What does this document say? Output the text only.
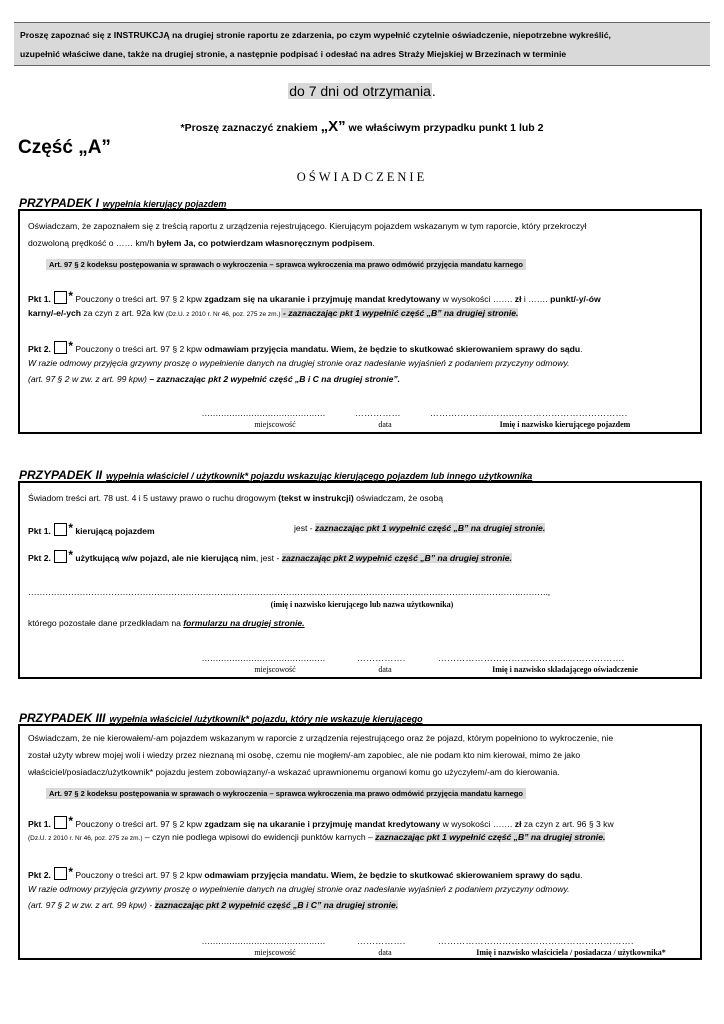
Proszę zapoznać się z INSTRUKCJĄ na drugiej stronie raportu ze zdarzenia, po czym wypełnić czytelnie oświadczenie, niepotrzebne wykreślić,

uzupełnić właściwe dane, także na drugiej stronie, a następnie podpisać i odesłać na adres Straży Miejskiej w Brzezinach w terminie

do 7 dni od otrzymania.
*Proszę zaznaczyć znakiem „X” we właściwym przypadku punkt 1 lub 2
Część „A”
OŚWIADCZENIE
PRZYPADEK I wypełnia kierujący pojazdem
Oświadczam, że zapoznałem się z treścią raportu z urządzenia rejestrującego. Kierującym pojazdem wskazanym w tym raporcie, który przekroczył
dozwoloną prędkość o …… km/h byłem Ja, co potwierdzam własnoręcznym podpisem.
Art. 97 § 2 kodeksu postępowania w sprawach o wykroczenia – sprawca wykroczenia ma prawo odmówić przyjęcia mandatu karnego
Pkt 1. * Pouczony o treści art. 97 § 2 kpw zgadzam się na ukaranie i przyjmuję mandat kredytowany w wysokości ……. zł i ……. punkt/-y/-ów
karny/-e/-ych za czyn z art. 92a kw (Dz.U. z 2010 r. Nr 46, poz. 275 ze zm.) - zaznaczając pkt 1 wypełnić część „B” na drugiej stronie.
Pkt 2. * Pouczony o treści art. 97 § 2 kpw odmawiam przyjęcia mandatu. Wiem, że będzie to skutkować skierowaniem sprawy do sądu.
W razie odmowy przyjęcia grzywny proszę o wypełnienie danych na drugiej stronie oraz nadesłanie wyjaśnień z podaniem przyczyny odmowy.
(art. 97 § 2 w zw. z art. 99 kpw) – zaznaczając pkt 2 wypełnić część „B i C na drugiej stronie”.
.............................................	……………	……….……….……..……………………………….
miejscowość	data	Imię i nazwisko kierującego pojazdem
PRZYPADEK II wypełnia właściciel / użytkownik* pojazdu wskazując kierującego pojazdem lub innego użytkownika
Świadom treści art. 78 ust. 4 i 5 ustawy prawo o ruchu drogowym (tekst w instrukcji) oświadczam, że osobą
Pkt 1. * kierującą pojazdem	jest - zaznaczając pkt 1 wypełnić część „B” na drugiej stronie.
Pkt 2. * użytkującą w/w pojazd, ale nie kierującą nim, jest - zaznaczając pkt 2 wypełnić część „B” na drugiej stronie.
……………………………………………………………………………………………………………………………………………………….……….,
(imię i nazwisko kierującego lub nazwa użytkownika)
którego pozostałe dane przedkładam na formularzu na drugiej stronie.
.............................................	…………….	…………………………………………………….
miejscowość	data	Imię i nazwisko składającego oświadczenie
PRZYPADEK III wypełnia właściciel /użytkownik* pojazdu, który nie wskazuje kierującego
Oświadczam, że nie kierowałem/-am pojazdem wskazanym w raporcie z urządzenia rejestrującego oraz że pojazd, którym popełniono to wykroczenie, nie
został użyty wbrew mojej woli i wiedzy przez nieznaną mi osobę, czemu nie mogłem/-am zapobiec, ale nie podam kto nim kierował, mimo że jako
właściciel/posiadacz/użytkownik* pojazdu jestem zobowiązany/-a wskazać uprawnionemu organowi komu go użyczyłem/-am do kierowania.
Art. 97 § 2 kodeksu postępowania w sprawach o wykroczenia – sprawca wykroczenia ma prawo odmówić przyjęcia mandatu karnego
Pkt 1. * Pouczony o treści art. 97 § 2 kpw zgadzam się na ukaranie i przyjmuję mandat kredytowany w wysokości ……. zł za czyn z art. 96 § 3 kw
(Dz.U. z 2010 r. Nr 46, poz. 275 ze zm.) – czyn nie podlega wpisowi do ewidencji punktów karnych – zaznaczając pkt 1 wypełnić część „B” na drugiej stronie.
Pkt 2. * Pouczony o treści art. 97 § 2 kpw odmawiam przyjęcia mandatu. Wiem, że będzie to skutkować skierowaniem sprawy do sądu.
W razie odmowy przyjęcia grzywny proszę o wypełnienie danych na drugiej stronie oraz nadesłanie wyjaśnień z podaniem przyczyny odmowy.
(art. 97 § 2 w zw. z art. 99 kpw) - zaznaczając pkt 2 wypełnić część „B i C” na drugiej stronie.
.............................................	…………….	……………………………………………………….
miejscowość	data	Imię i nazwisko właściciela / posiadacza / użytkownika*
